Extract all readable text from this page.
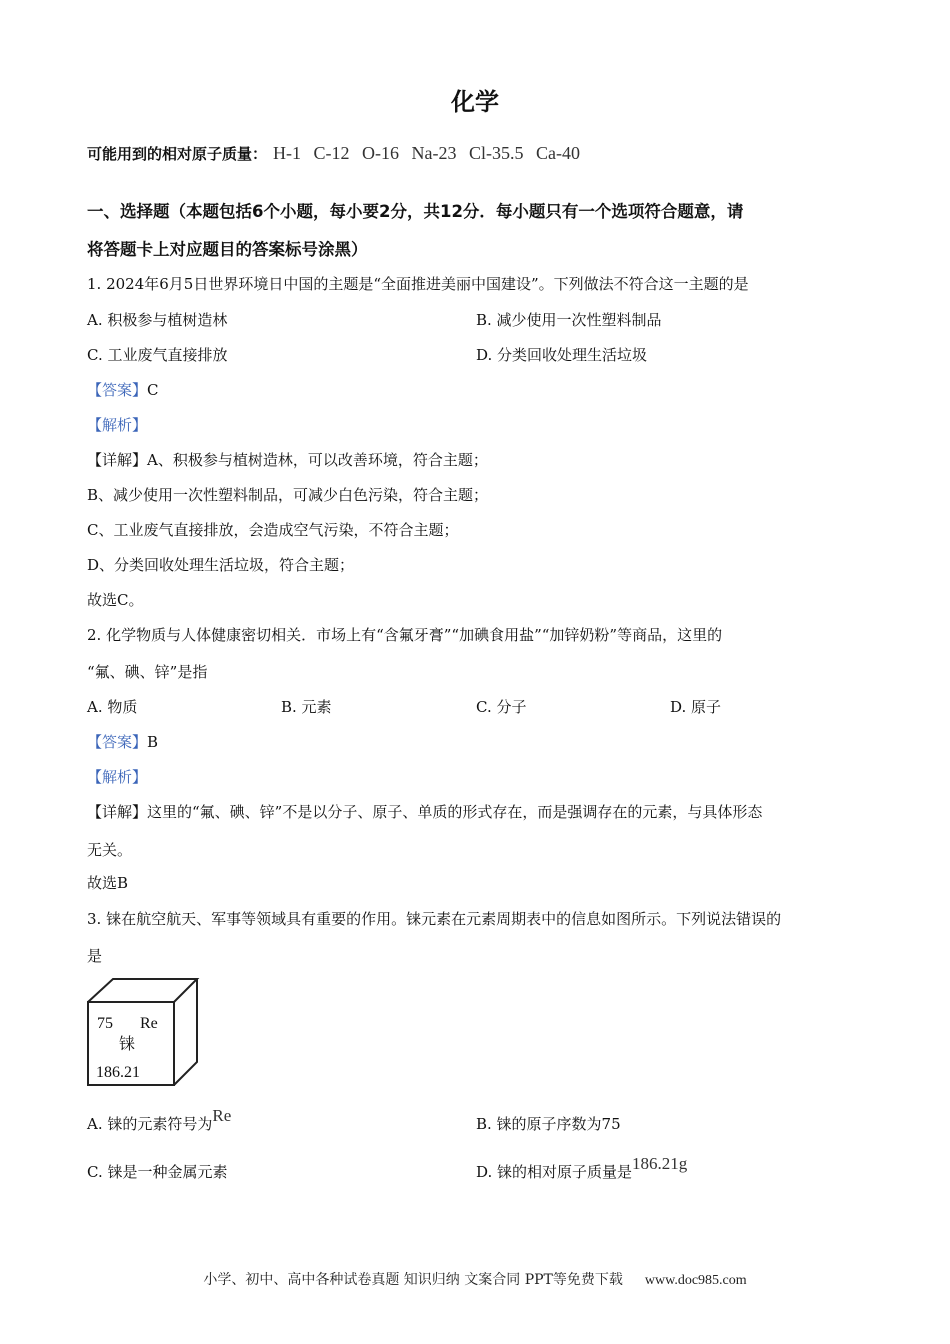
化学
可能用到的相对原子质量： H-1 C-12 O-16 Na-23 Cl-35.5 Ca-40
一、选择题（本题包括6个小题，每小要2分，共12分．每小题只有一个选项符合题意，请
将答题卡上对应题目的答案标号涂黑）
1. 2024年6月5日世界环境日中国的主题是“全面推进美丽中国建设”。下列做法不符合这一主题的是
A. 积极参与植树造林	B. 减少使用一次性塑料制品
C. 工业废气直接排放	D. 分类回收处理生活垃圾
【答案】C
【解析】
【详解】A、积极参与植树造林，可以改善环境，符合主题；
B、减少使用一次性塑料制品，可减少白色污染，符合主题；
C、工业废气直接排放，会造成空气污染，不符合主题；
D、分类回收处理生活垃圾，符合主题；
故选C。
2. 化学物质与人体健康密切相关．市场上有“含氟牙膏”“加碘食用盐”“加锌奶粉”等商品，这里的
“氟、碘、锌”是指
A. 物质	B. 元素	C. 分子	D. 原子
【答案】B
【解析】
【详解】这里的“氟、碘、锌”不是以分子、原子、单质的形式存在，而是强调存在的元素，与具体形态
无关。
故选B
3. 铼在航空航天、军事等领域具有重要的作用。铼元素在元素周期表中的信息如图所示。下列说法错误的
是
75 Re
铼
186.21
A. 铼的元素符号为Re	B. 铼的原子序数为75
C. 铼是一种金属元素	D. 铼的相对原子质量是186.21g
小学、初中、高中各种试卷真题 知识归纳 文案合同 PPT等免费下载 www.doc985.com
